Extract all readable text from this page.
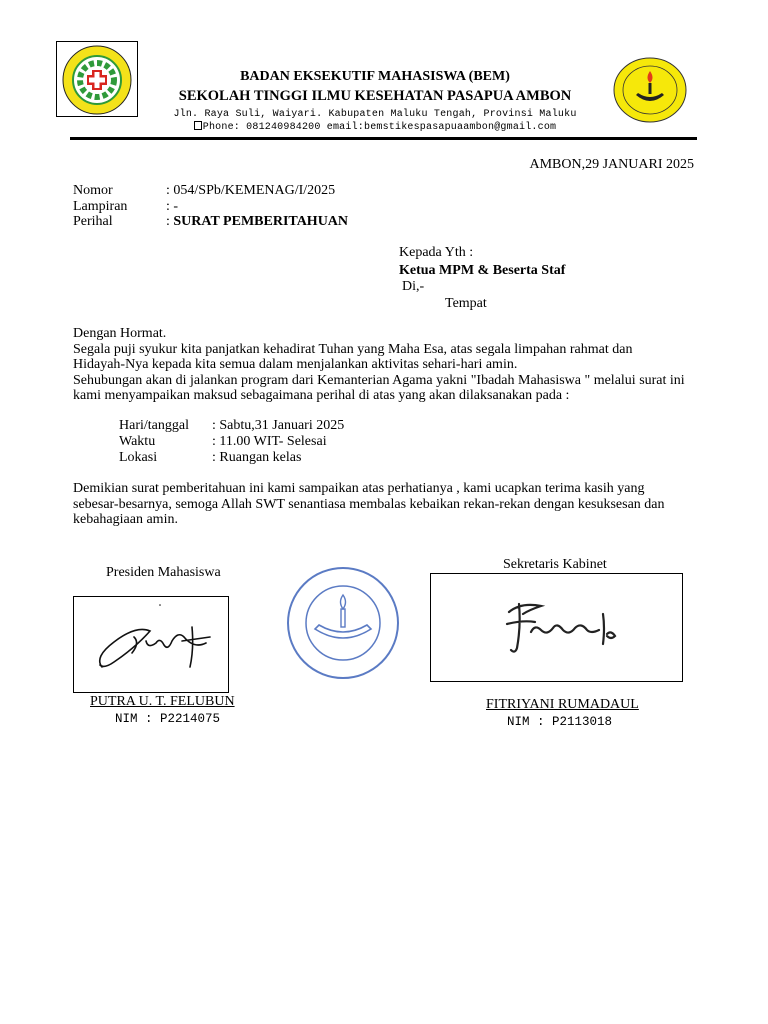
BADAN EKSEKUTIF MAHASISWA (BEM)
SEKOLAH TINGGI ILMU KESEHATAN PASAPUA AMBON
Jln. Raya Suli, Waiyari. Kabupaten Maluku Tengah, Provinsi Maluku
Phone: 081240984200 email:bemstikespasapuaambon@gmail.com
AMBON,29 JANUARI 2025
Nomor	: 054/SPb/KEMENAG/I/2025
Lampiran	: -
Perihal	: SURAT PEMBERITAHUAN
Kepada Yth :
Ketua MPM & Beserta Staf
Di,-
Tempat

Dengan Hormat.

Segala puji syukur kita panjatkan kehadirat Tuhan yang Maha Esa, atas segala limpahan rahmat dan Hidayah-Nya kepada kita semua dalam menjalankan aktivitas sehari-hari amin.

Sehubungan akan di jalankan program dari Kemanterian Agama yakni "Ibadah Mahasiswa " melalui surat ini kami menyampaikan maksud sebagaimana perihal di atas yang akan dilaksanakan pada :

Hari/tanggal : Sabtu,31 Januari 2025
Waktu	: 11.00 WIT- Selesai
Lokasi	: Ruangan kelas
Demikian surat pemberitahuan ini kami sampaikan atas perhatianya , kami ucapkan terima kasih yang sebesar-besarnya, semoga Allah SWT senantiasa membalas kebaikan rekan-rekan dengan kesuksesan dan kebahagiaan amin.
Presiden Mahasiswa
PUTRA U. T. FELUBUN
NIM : P2214075
Sekretaris Kabinet
FITRIYANI RUMADAUL
NIM : P2113018
